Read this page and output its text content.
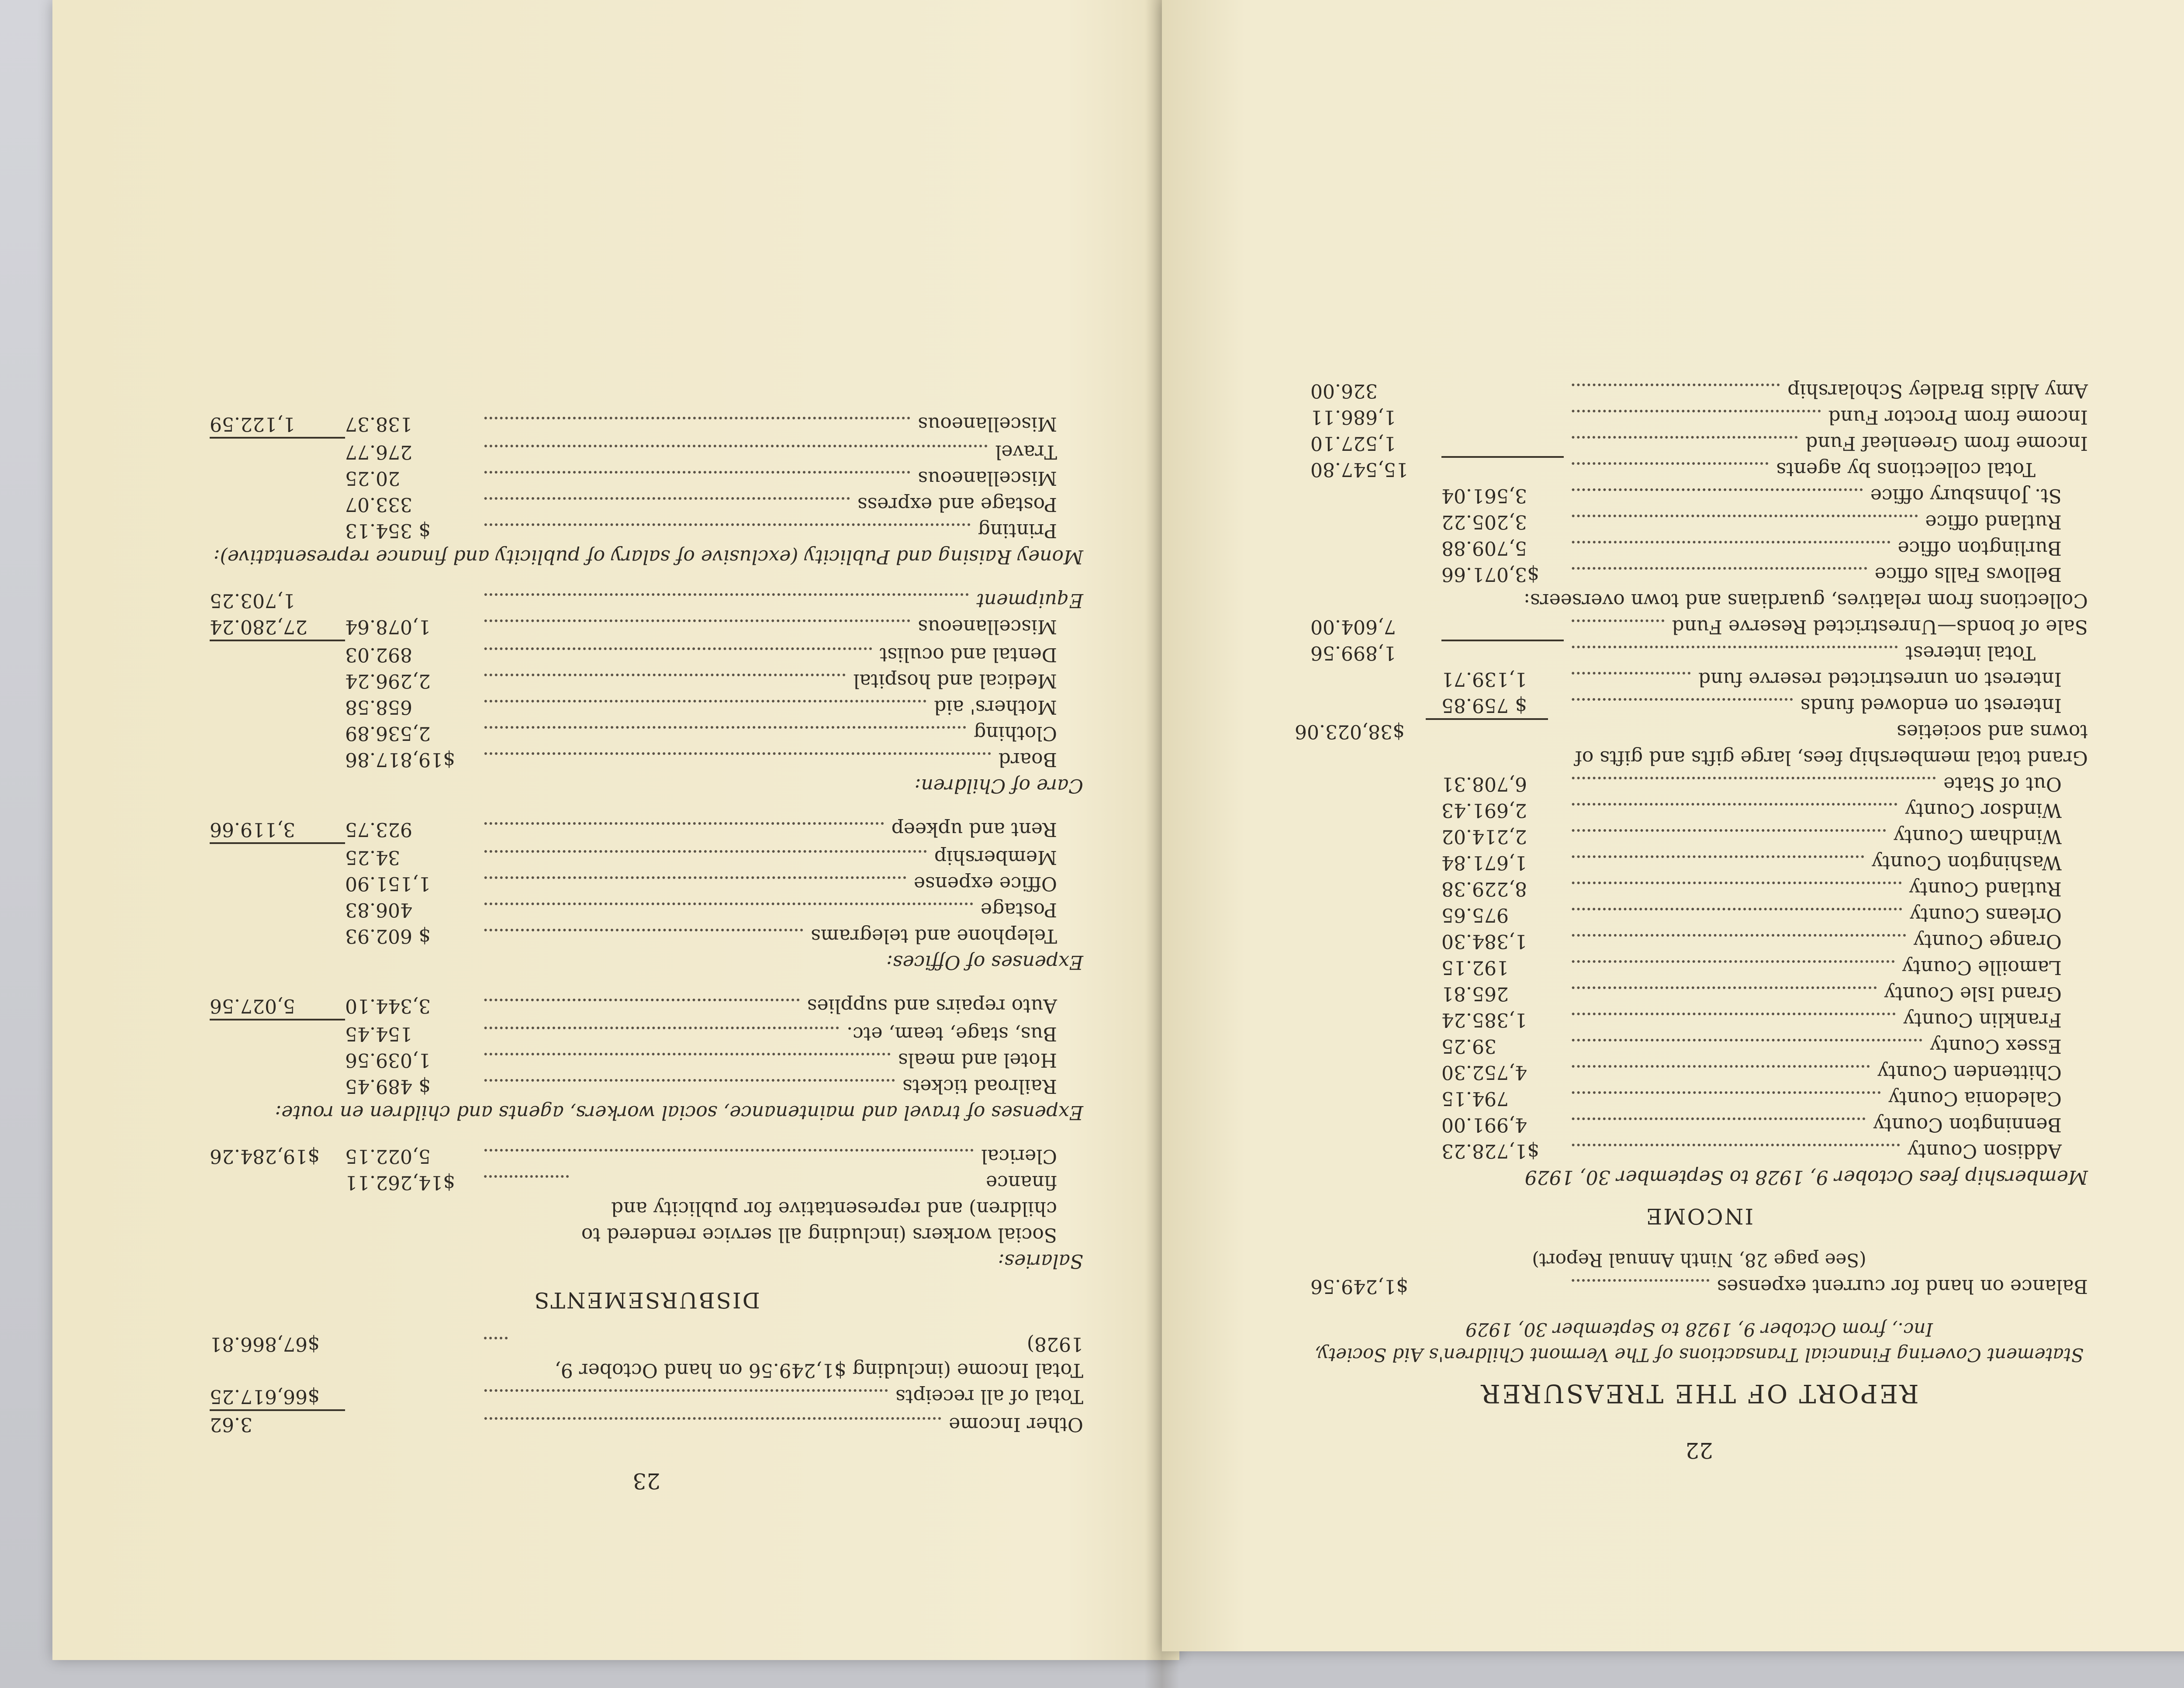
23
Other Income
3.62
Total of all receipts
$66,617.25
Total Income (including $1,249.56 on hand October 9, 1928)
$67,866.81
DISBURSEMENTS
Salaries:
Social workers (including all service rendered to children) and representative for publicity and finance
$14,262.11
Clerical
5,022.15
$19,284.26
Expenses of travel and maintenance, social workers, agents and children en route:
Railroad tickets
$ 489.45
Hotel and meals
1,039.56
Bus, stage, team, etc.
154.45
Auto repairs and supplies
3,344.10
5,027.56
Expenses of Offices:
Telephone and telegrams
$ 602.93
Postage
406.83
Office expense
1,151.90
Membership
34.25
Rent and upkeep
923.75
3,119.66
Care of Children:
Board
$19,817.86
Clothing
2,536.89
Mothers' aid
658.58
Medical and hospital
2,296.24
Dental and oculist
892.03
Miscellaneous
1,078.64
27,280.24
Equipment
1,703.25
Money Raising and Publicity (exclusive of salary of publicity and finance representative):
Printing
$ 354.13
Postage and express
333.07
Miscellaneous
20.25
Travel
276.77
Miscellaneous
138.37
1,122.59
22
REPORT OF THE TREASURER
Statement Covering Financial Transactions of The Vermont Children's Aid Society, Inc., from October 9, 1928 to September 30, 1929
Balance on hand for current expenses
$1,249.56
(See page 28, Ninth Annual Report)
INCOME
Membership fees October 9, 1928 to September 30, 1929
Addison County
$1,728.23
Bennington County
4,991.00
Caledonia County
794.15
Chittenden County
4,752.30
Essex County
39.25
Franklin County
1,385.24
Grand Isle County
265.81
Lamoille County
192.15
Orange County
1,384.30
Orleans County
975.65
Rutland County
8,229.38
Washington County
1,671.84
Windham County
2,214.02
Windsor County
2,691.43
Out of State
6,708.31
Grand total membership fees, large gifts and gifts of towns and societies
$38,023.06
Interest on endowed funds
$ 759.85
Interest on unrestricted reserve fund
1,139.71
Total interest
1,899.56
Sale of bonds—Unrestricted Reserve Fund
7,604.00
Collections from relatives, guardians and town overseers:
Bellows Falls office
$3,071.66
Burlington office
5,709.88
Rutland office
3,205.22
St. Johnsbury office
3,561.04
Total collections by agents
15,547.80
Income from Greenleaf Fund
1,527.10
Income from Proctor Fund
1,686.11
Amy Aldis Bradley Scholarship
326.00
